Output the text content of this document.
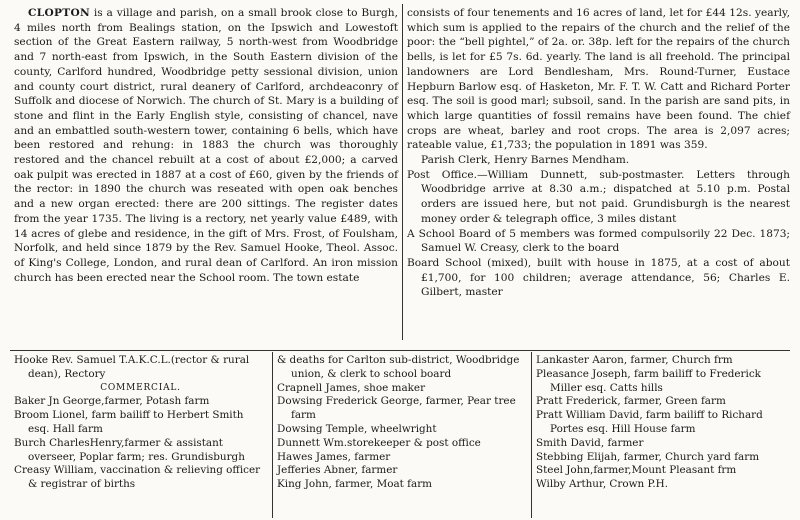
CLOPTON is a village and parish, on a small brook close to Burgh, 4 miles north from Bealings station, on the Ipswich and Lowestoft section of the Great Eastern railway, 5 north-west from Woodbridge and 7 north-east from Ipswich, in the South Eastern division of the county, Carlford hundred, Woodbridge petty sessional division, union and county court district, rural deanery of Carlford, archdeaconry of Suffolk and diocese of Norwich. The church of St. Mary is a building of stone and flint in the Early English style, consisting of chancel, nave and an embattled south-western tower, containing 6 bells, which have been restored and rehung: in 1883 the church was thoroughly restored and the chancel rebuilt at a cost of about £2,000; a carved oak pulpit was erected in 1887 at a cost of £60, given by the friends of the rector: in 1890 the church was reseated with open oak benches and a new organ erected: there are 200 sittings. The register dates from the year 1735. The living is a rectory, net yearly value £489, with 14 acres of glebe and residence, in the gift of Mrs. Frost, of Foulsham, Norfolk, and held since 1879 by the Rev. Samuel Hooke, Theol. Assoc. of King's College, London, and rural dean of Carlford. An iron mission church has been erected near the School room. The town estate

consists of four tenements and 16 acres of land, let for £44 12s. yearly, which sum is applied to the repairs of the church and the relief of the poor: the “bell pightel,” of 2a. or. 38p. left for the repairs of the church bells, is let for £5 7s. 6d. yearly. The land is all freehold. The principal landowners are Lord Bendlesham, Mrs. Round-Turner, Eustace Hepburn Barlow esq. of Hasketon, Mr. F. T. W. Catt and Richard Porter esq. The soil is good marl; subsoil, sand. In the parish are sand pits, in which large quantities of fossil remains have been found. The chief crops are wheat, barley and root crops. The area is 2,097 acres; rateable value, £1,733; the population in 1891 was 359.

Parish Clerk, Henry Barnes Mendham.

Post Office.—William Dunnett, sub-postmaster. Letters through Woodbridge arrive at 8.30 a.m.; dispatched at 5.10 p.m. Postal orders are issued here, but not paid. Grundisburgh is the nearest money order & telegraph office, 3 miles distant

A School Board of 5 members was formed compulsorily 22 Dec. 1873; Samuel W. Creasy, clerk to the board

Board School (mixed), built with house in 1875, at a cost of about £1,700, for 100 children; average attendance, 56; Charles E. Gilbert, master

Hooke Rev. Samuel T.A.K.C.L.(rector & rural dean), Rectory
COMMERCIAL.
Baker Jn George,farmer, Potash farm
Broom Lionel, farm bailiff to Herbert Smith esq. Hall farm
Burch CharlesHenry,farmer & assistant overseer, Poplar farm; res. Grundisburgh
Creasy William, vaccination & relieving officer & registrar of births
& deaths for Carlton sub-district, Woodbridge union, & clerk to school board
Crapnell James, shoe maker
Dowsing Frederick George, farmer, Pear tree farm
Dowsing Temple, wheelwright
Dunnett Wm.storekeeper & post office
Hawes James, farmer
Jefferies Abner, farmer
King John, farmer, Moat farm
Lankaster Aaron, farmer, Church frm
Pleasance Joseph, farm bailiff to Frederick Miller esq. Catts hills
Pratt Frederick, farmer, Green farm
Pratt William David, farm bailiff to Richard Portes esq. Hill House farm
Smith David, farmer
Stebbing Elijah, farmer, Church yard farm
Steel John,farmer,Mount Pleasant frm
Wilby Arthur, Crown P.H.
